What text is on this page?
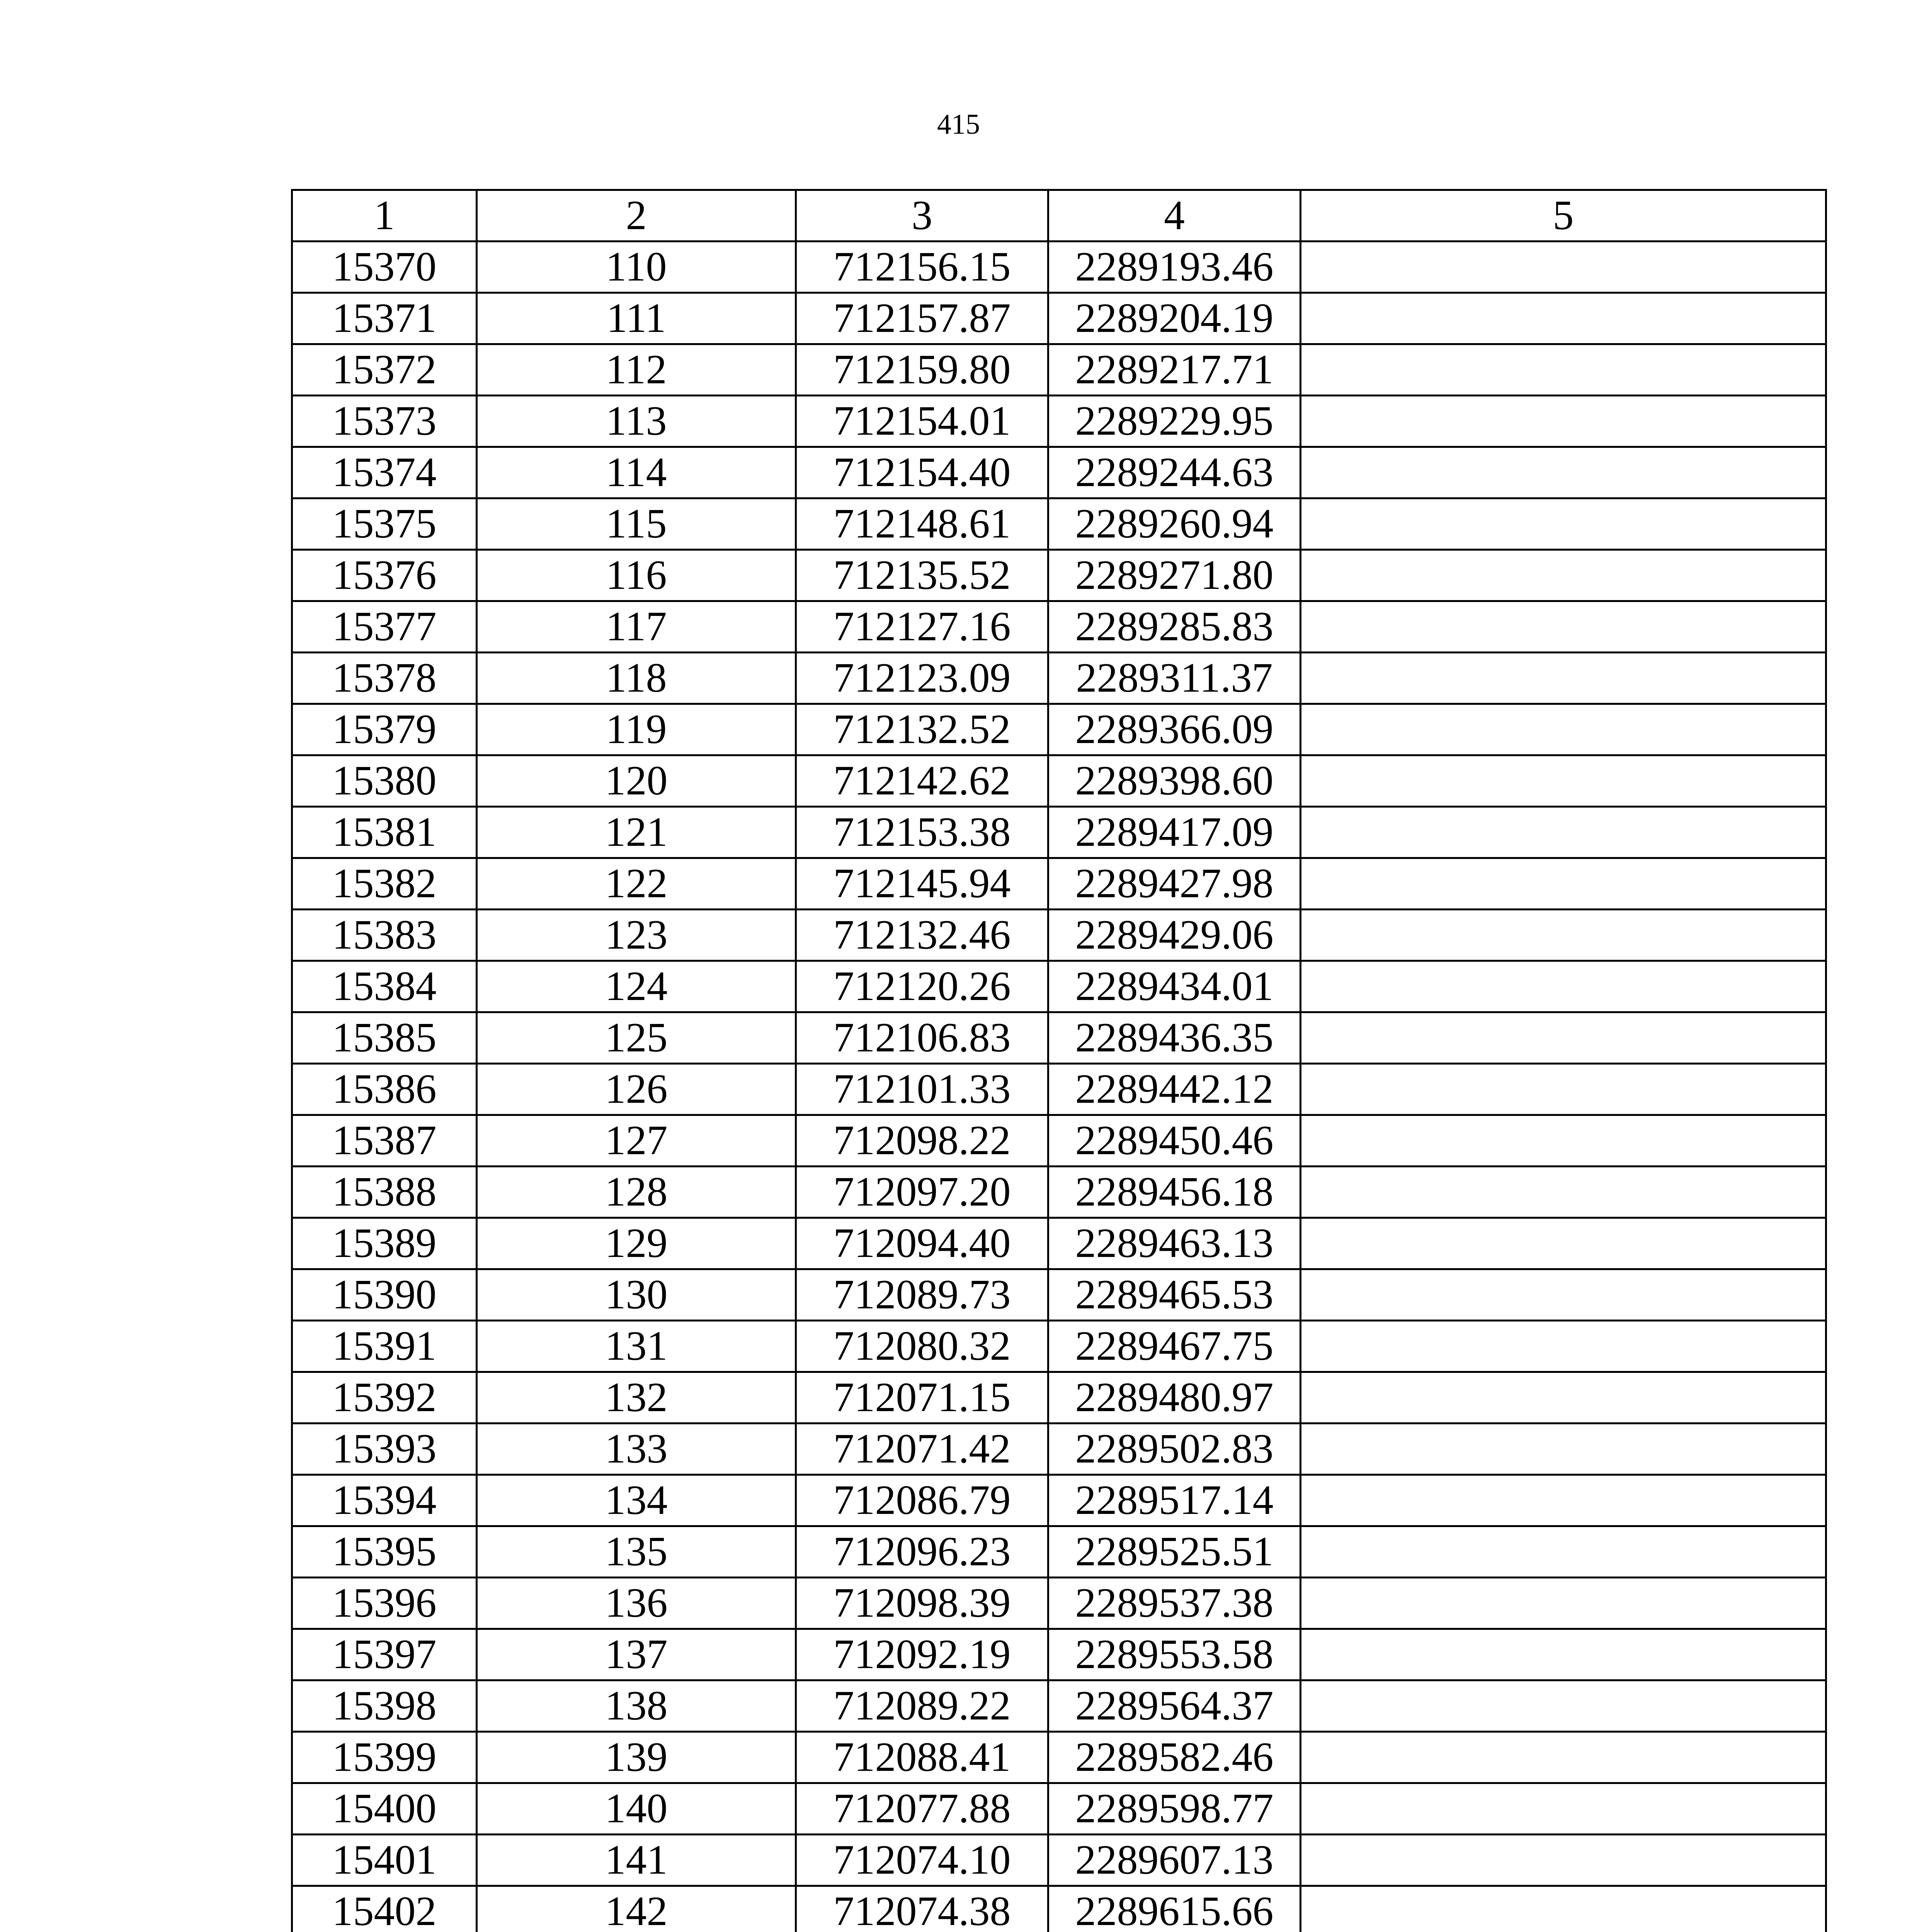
415
1	2	3	4	5
15370	110	712156.15	2289193.46	
15371	111	712157.87	2289204.19	
15372	112	712159.80	2289217.71	
15373	113	712154.01	2289229.95	
15374	114	712154.40	2289244.63	
15375	115	712148.61	2289260.94	
15376	116	712135.52	2289271.80	
15377	117	712127.16	2289285.83	
15378	118	712123.09	2289311.37	
15379	119	712132.52	2289366.09	
15380	120	712142.62	2289398.60	
15381	121	712153.38	2289417.09	
15382	122	712145.94	2289427.98	
15383	123	712132.46	2289429.06	
15384	124	712120.26	2289434.01	
15385	125	712106.83	2289436.35	
15386	126	712101.33	2289442.12	
15387	127	712098.22	2289450.46	
15388	128	712097.20	2289456.18	
15389	129	712094.40	2289463.13	
15390	130	712089.73	2289465.53	
15391	131	712080.32	2289467.75	
15392	132	712071.15	2289480.97	
15393	133	712071.42	2289502.83	
15394	134	712086.79	2289517.14	
15395	135	712096.23	2289525.51	
15396	136	712098.39	2289537.38	
15397	137	712092.19	2289553.58	
15398	138	712089.22	2289564.37	
15399	139	712088.41	2289582.46	
15400	140	712077.88	2289598.77	
15401	141	712074.10	2289607.13	
15402	142	712074.38	2289615.66	
